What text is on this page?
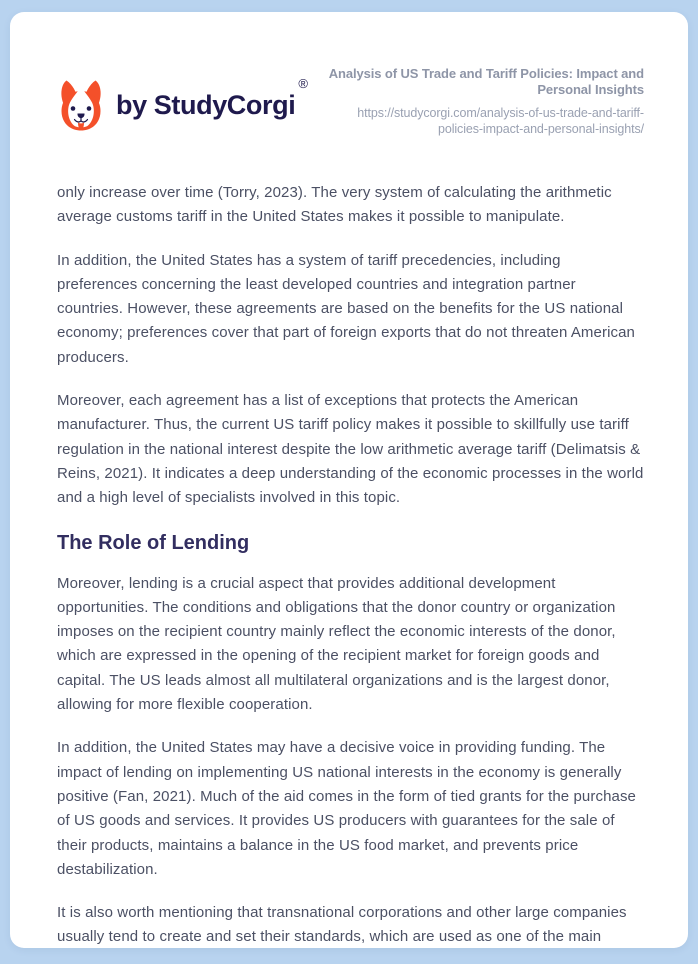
by StudyCorgi
®
Analysis of US Trade and Tariff Policies: Impact and Personal Insights
https://studycorgi.com/analysis-of-us-trade-and-tariff-policies-impact-and-personal-insights/

only increase over time (Torry, 2023). The very system of calculating the arithmetic average customs tariff in the United States makes it possible to manipulate.

In addition, the United States has a system of tariff precedencies, including preferences concerning the least developed countries and integration partner countries. However, these agreements are based on the benefits for the US national economy; preferences cover that part of foreign exports that do not threaten American producers.

Moreover, each agreement has a list of exceptions that protects the American manufacturer. Thus, the current US tariff policy makes it possible to skillfully use tariff regulation in the national interest despite the low arithmetic average tariff (Delimatsis & Reins, 2021). It indicates a deep understanding of the economic processes in the world and a high level of specialists involved in this topic.

The Role of Lending

Moreover, lending is a crucial aspect that provides additional development opportunities. The conditions and obligations that the donor country or organization imposes on the recipient country mainly reflect the economic interests of the donor, which are expressed in the opening of the recipient market for foreign goods and capital. The US leads almost all multilateral organizations and is the largest donor, allowing for more flexible cooperation.

In addition, the United States may have a decisive voice in providing funding. The impact of lending on implementing US national interests in the economy is generally positive (Fan, 2021). Much of the aid comes in the form of tied grants for the purchase of US goods and services. It provides US producers with guarantees for the sale of their products, maintains a balance in the US food market, and prevents price destabilization.

It is also worth mentioning that transnational corporations and other large companies usually tend to create and set their standards, which are used as one of the main
